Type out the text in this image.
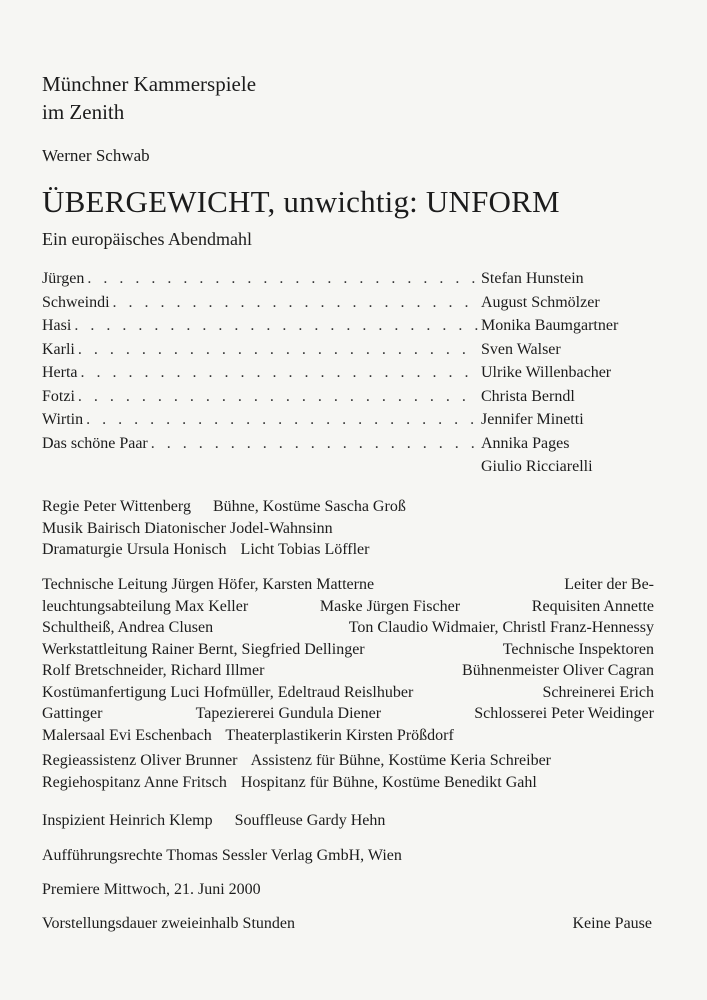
Münchner Kammerspiele
im Zenith
Werner Schwab
ÜBERGEWICHT, unwichtig: UNFORM
Ein europäisches Abendmahl
Jürgen . . .	Stefan Hunstein
Schweindi . . .	August Schmölzer
Hasi . . .	Monika Baumgartner
Karli . . .	Sven Walser
Herta . . .	Ulrike Willenbacher
Fotzi . . .	Christa Berndl
Wirtin . . .	Jennifer Minetti
Das schöne Paar . . .	Annika Pages
Giulio Ricciarelli
Regie Peter Wittenberg Bühne, Kostüme Sascha Groß
Musik Bairisch Diatonischer Jodel-Wahnsinn
Dramaturgie Ursula Honisch Licht Tobias Löffler
Technische Leitung Jürgen Höfer, Karsten Matterne	Leiter der Be-
leuchtungsabteilung Max Keller	Maske Jürgen Fischer	Requisiten Annette
Schultheiß, Andrea Clusen	Ton Claudio Widmaier, Christl Franz-Hennessy
Werkstattleitung Rainer Bernt, Siegfried Dellinger	Technische Inspektoren
Rolf Bretschneider, Richard Illmer	Bühnenmeister Oliver Cagran
Kostümanfertigung Luci Hofmüller, Edeltraud Reislhuber	Schreinerei Erich
Gattinger	Tapeziererei Gundula Diener	Schlosserei Peter Weidinger
Malersaal Evi Eschenbach Theaterplastikerin Kirsten Prößdorf
Regieassistenz Oliver Brunner Assistenz für Bühne, Kostüme Keria Schreiber
Regiehospitanz Anne Fritsch Hospitanz für Bühne, Kostüme Benedikt Gahl
Inspizient Heinrich Klemp Souffleuse Gardy Hehn
Aufführungsrechte Thomas Sessler Verlag GmbH, Wien
Premiere Mittwoch, 21. Juni 2000
Vorstellungsdauer zweieinhalb Stunden	Keine Pause
